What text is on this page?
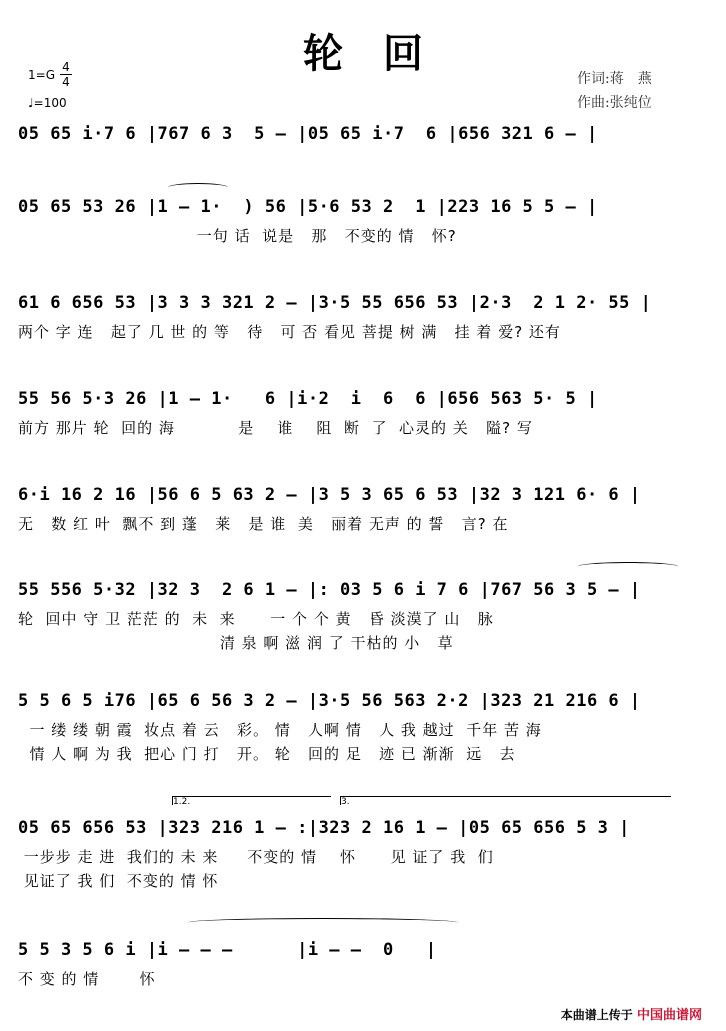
轮　回
1=G
4
4
♩=100
作词:蒋　燕
作曲:张纯位
05 65 i·7 6 |767 6 3  5 – |05 65 i·7  6 |656 321 6 – |
05 65 53 26 |1 – 1·  ) 56 |5·6 53 2  1 |223 16 5 5 – |
一句 话  说是   那   不变的 情   怀?
61 6 656 53 |3 3 3 321 2 – |3·5 55 656 53 |2·3  2 1 2· 55 |
两个 字 连   起了 几 世 的 等   待   可 否 看见 菩提 树 满   挂 着 爱? 还有
55 56 5·3 26 |1 – 1·   6 |i·2  i  6  6 |656 563 5· 5 |
前方 那片 轮  回的 海           是    谁    阻  断  了  心灵的 关   隘? 写
6·i 16 2 16 |56 6 5 63 2 – |3 5 3 65 6 53 |32 3 121 6· 6 |
无   数 红 叶  飘不 到 蓬   莱   是 谁  美   丽着 无声 的 誓   言? 在
55 556 5·32 |32 3  2 6 1 – |: 03 5 6 i 7 6 |767 56 3 5 – |
轮  回中 守 卫 茫茫 的  未  来      一 个 个 黄   昏 淡漠了 山   脉
清 泉 啊 滋 润 了 干枯的 小   草
5 5 6 5 i76 |65 6 56 3 2 – |3·5 56 563 2·2 |323 21 216 6 |
一 缕 缕 朝 霞  妆点 着 云   彩。 情   人啊 情   人 我 越过  千年 苦 海
情 人 啊 为 我  把心 门 打   开。 轮   回的 足   迹 已 渐渐  远   去
1.2.	3.
05 65 656 53 |323 216 1 – :|323 2 16 1 – |05 65 656 5 3 |
一步步 走 进  我们的 未 来     不变的 情    怀      见 证了 我  们
见证了 我 们  不变的 情 怀
5 5 3 5 6 i |i – – –      |i – –  0   |
不 变 的 情       怀
本曲谱上传于 中国曲谱网
